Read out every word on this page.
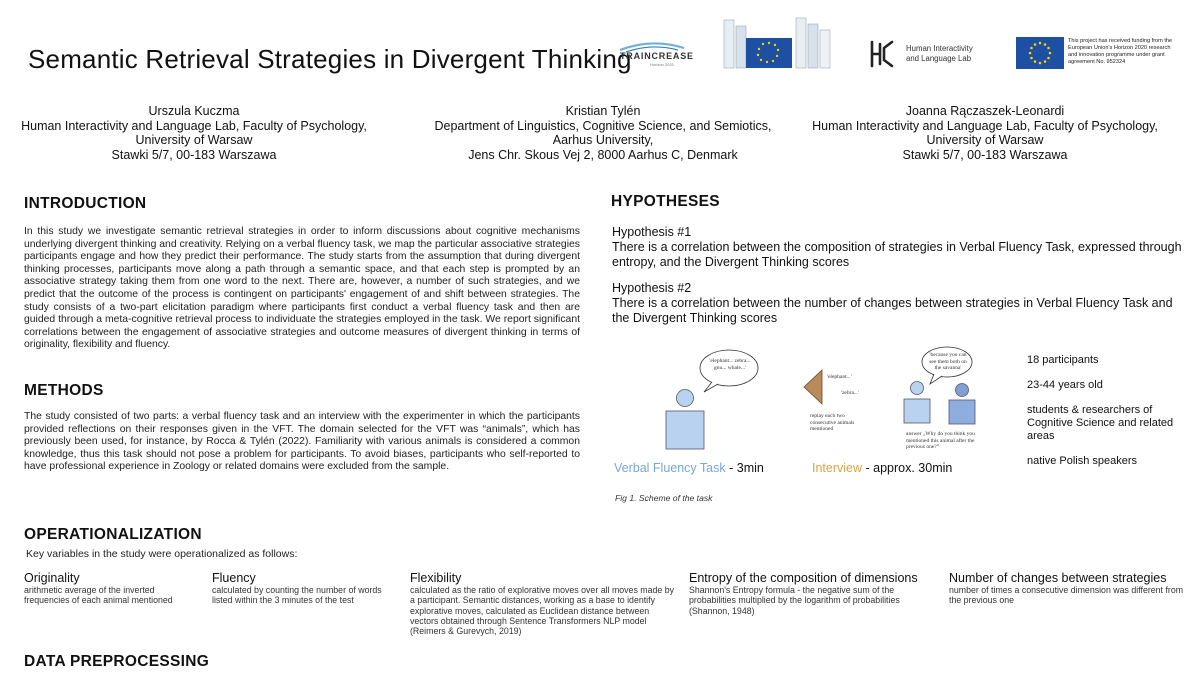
Semantic Retrieval Strategies in Divergent Thinking
TRAINCREASE
Horizon 2020
Human Interactivity
and Language Lab
This project has received funding from the
European Union's Horizon 2020 research
and innovation programme under grant
agreement No. 952324
Urszula Kuczma
Human Interactivity and Language Lab, Faculty of Psychology,
University of Warsaw
Stawki 5/7, 00-183 Warszawa
Kristian Tylén
Department of Linguistics, Cognitive Science, and Semiotics,
Aarhus University,
Jens Chr. Skous Vej 2, 8000 Aarhus C, Denmark
Joanna Rączaszek-Leonardi
Human Interactivity and Language Lab, Faculty of Psychology,
University of Warsaw
Stawki 5/7, 00-183 Warszawa
INTRODUCTION

In this study we investigate semantic retrieval strategies in order to inform discussions about cognitive mechanisms underlying divergent thinking and creativity. Relying on a verbal fluency task, we map the particular associative strategies participants engage and how they predict their performance. The study starts from the assumption that during divergent thinking processes, participants move along a path through a semantic space, and that each step is prompted by an associative strategy taking them from one word to the next. There are, however, a number of such strategies, and we predict that the outcome of the process is contingent on participants' engagement of and shift between strategies. The study consists of a two-part elicitation paradigm where participants first conduct a verbal fluency task and then are guided through a meta-cognitive retrieval process to individuate the strategies employed in the task. We report significant correlations between the engagement of associative strategies and outcome measures of divergent thinking in terms of originality, flexibility and fluency.

METHODS

The study consisted of two parts: a verbal fluency task and an interview with the experimenter in which the participants provided reflections on their responses given in the VFT. The domain selected for the VFT was “animals”, which has previously been used, for instance, by Rocca & Tylén (2022). Familiarity with various animals is considered a common knowledge, thus this task should not pose a problem for participants. To avoid biases, participants who self-reported to have professional experience in Zoology or related domains were excluded from the sample.

HYPOTHESES
Hypothesis #1
There is a correlation between the composition of strategies in Verbal Fluency Task, expressed through entropy, and the Divergent Thinking scores
Hypothesis #2
There is a correlation between the number of changes between strategies in Verbal Fluency Task and the Divergent Thinking scores
'elephant... zebra... gnu... whale...'
'elephant...'
'zebra...'
replay each two consecutive animals mentioned
'because you can see them both on the savanna'
answer „Why do you think you mentioned this animal after the previous one?”
Verbal Fluency Task - 3min	Interview - approx. 30min
Fig 1. Scheme of the task
18 participants
23-44 years old
students & researchers of Cognitive Science and related areas
native Polish speakers
OPERATIONALIZATION
Key variables in the study were operationalized as follows:
Originality
arithmetic average of the inverted frequencies of each animal mentioned
Fluency
calculated by counting the number of words listed within the 3 minutes of the test
Flexibility
calculated as the ratio of explorative moves over all moves made by a participant. Semantic distances, working as a base to identify explorative moves, calculated as Euclidean distance between vectors obtained through Sentence Transformers NLP model (Reimers & Gurevych, 2019)
Entropy of the composition of dimensions
Shannon's Entropy formula - the negative sum of the probabilities multiplied by the logarithm of probabilities (Shannon, 1948)
Number of changes between strategies
number of times a consecutive dimension was different from the previous one
DATA PREPROCESSING
